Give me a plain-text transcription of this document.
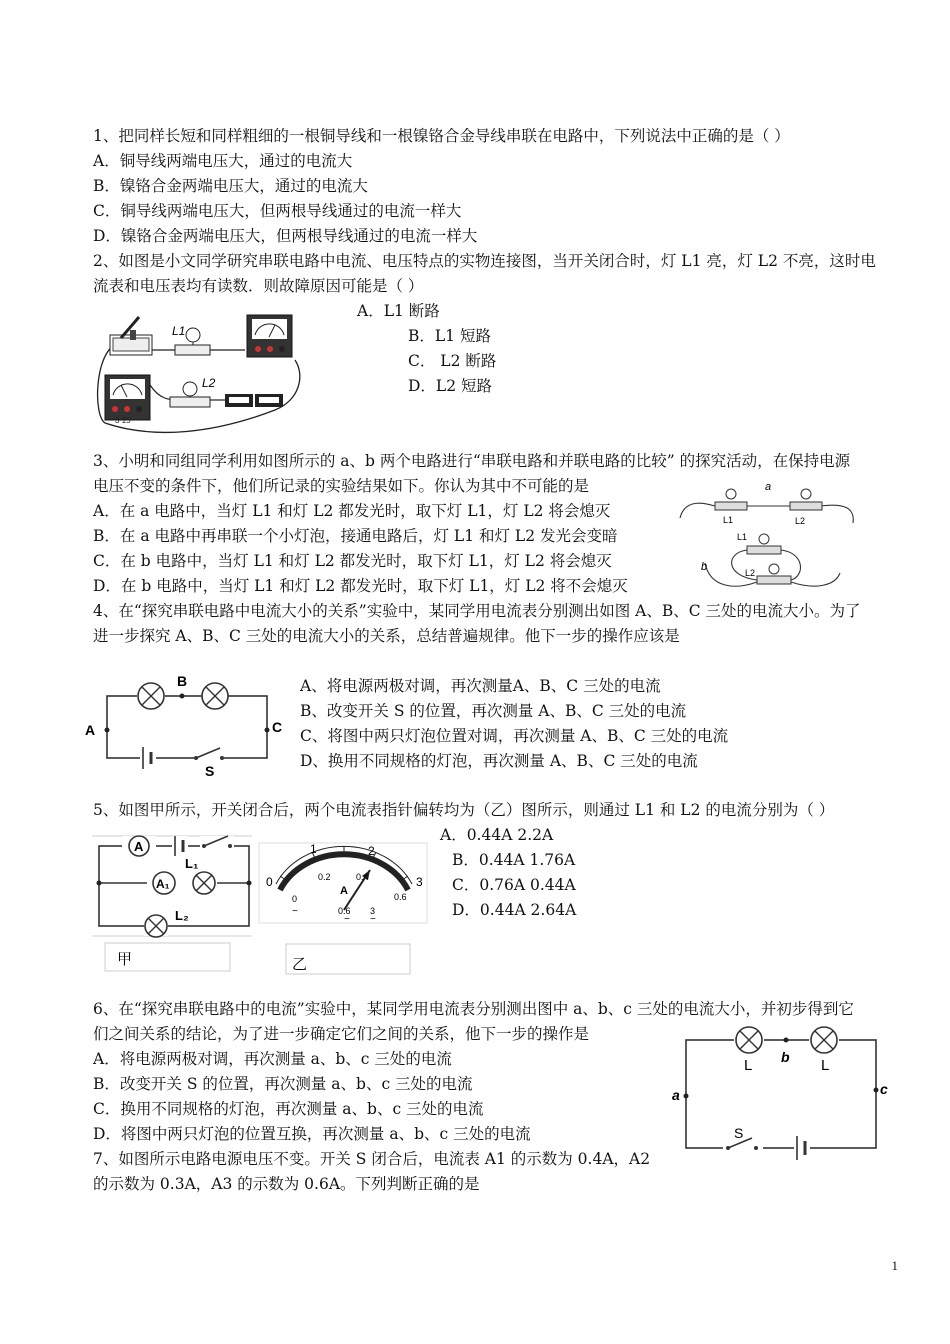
1、把同样长短和同样粗细的一根铜导线和一根镍铬合金导线串联在电路中，下列说法中正确的是（ ）
A．铜导线两端电压大，通过的电流大
B．镍铬合金两端电压大，通过的电流大
C．铜导线两端电压大，但两根导线通过的电流一样大
D．镍铬合金两端电压大，但两根导线通过的电流一样大
2、如图是小文同学研究串联电路中电流、电压特点的实物连接图，当开关闭合时，灯 L1 亮，灯 L2 不亮，这时电
流表和电压表均有读数．则故障原因可能是（ ）
A．L1 断路
B．L1 短路
C． L2 断路
D．L2 短路
L1
3 15
L2
3、小明和同组同学利用如图所示的 a、b 两个电路进行“串联电路和并联电路的比较” 的探究活动，在保持电源
电压不变的条件下，他们所记录的实验结果如下。你认为其中不可能的是
A．在 a 电路中，当灯 L1 和灯 L2 都发光时，取下灯 L1，灯 L2 将会熄灭
B．在 a 电路中再串联一个小灯泡，接通电路后，灯 L1 和灯 L2 发光会变暗
C．在 b 电路中，当灯 L1 和灯 L2 都发光时，取下灯 L1，灯 L2 将会熄灭
D．在 b 电路中，当灯 L1 和灯 L2 都发光时，取下灯 L1，灯 L2 将不会熄灭
a
L1	L2
L1
L2
b
4、在“探究串联电路中电流大小的关系”实验中，某同学用电流表分别测出如图 A、B、C 三处的电流大小。为了
进一步探究 A、B、C 三处的电流大小的关系，总结普遍规律。他下一步的操作应该是
A、将电源两极对调，再次测量A、B、C 三处的电流
B、改变开关 S 的位置，再次测量 A、B、C 三处的电流
C、将图中两只灯泡位置对调，再次测量 A、B、C 三处的电流
D、换用不同规格的灯泡，再次测量 A、B、C 三处的电流
B
A	C
S
5、如图甲所示，开关闭合后，两个电流表指针偏转均为（乙）图所示，则通过 L1 和 L2 的电流分别为（ ）
A．0.44A 2.2A
B．0.44A 1.76A
C．0.76A 0.44A
D．0.44A 2.64A
A
A₁
L₁
L₂
甲
1	2
0	3
0.2	0.4
0.6
A
0
0.6 3
−
− −
乙
6、在“探究串联电路中的电流”实验中，某同学用电流表分别测出图中 a、b、c 三处的电流大小，并初步得到它
们之间关系的结论，为了进一步确定它们之间的关系，他下一步的操作是
A．将电源两极对调，再次测量 a、b、c 三处的电流
B．改变开关 S 的位置，再次测量 a、b、c 三处的电流
C．换用不同规格的灯泡，再次测量 a、b、c 三处的电流
D．将图中两只灯泡的位置互换，再次测量 a、b、c 三处的电流
L	L
b
a	c
S
7、如图所示电路电源电压不变。开关 S 闭合后，电流表 A1 的示数为 0.4A，A2
的示数为 0.3A，A3 的示数为 0.6A。下列判断正确的是
1
